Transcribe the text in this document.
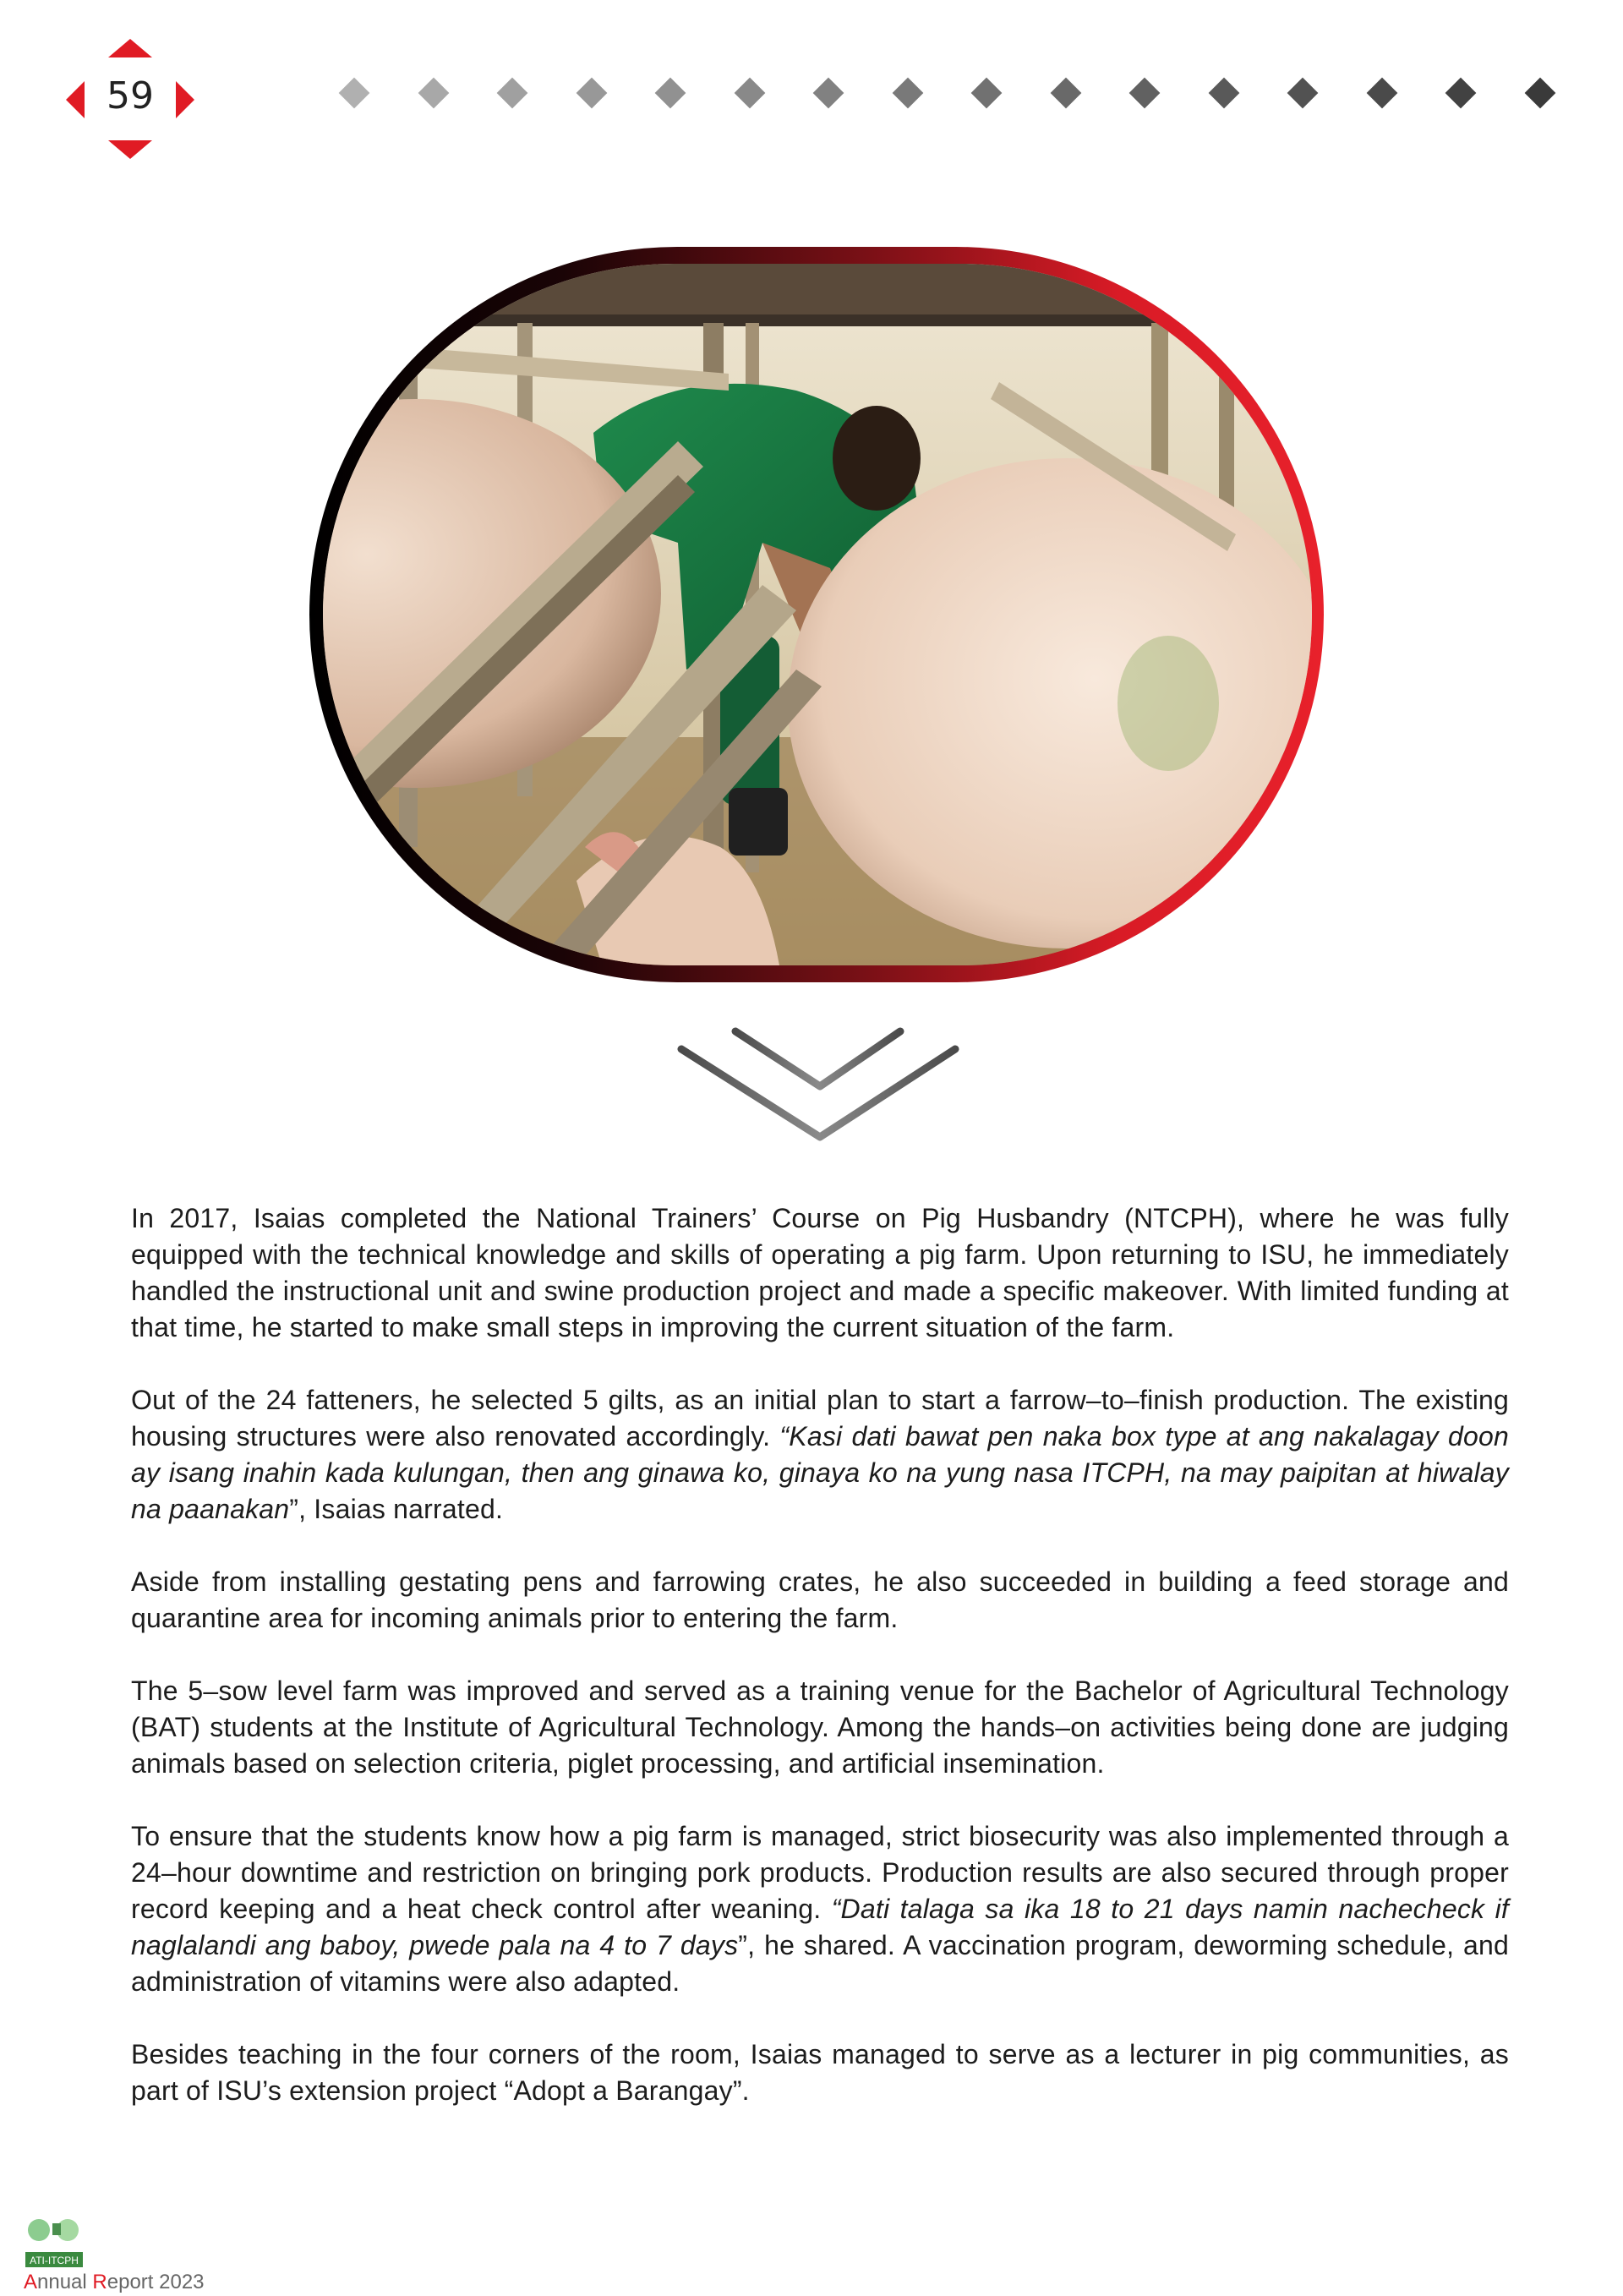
59

In 2017, Isaias completed the National Trainers’ Course on Pig Husbandry (NTCPH), where he was fully equipped with the technical knowledge and skills of operating a pig farm. Upon returning to ISU, he immediately handled the instructional unit and swine production project and made a specific makeover. With limited funding at that time, he started to make small steps in improving the current situation of the farm.

Out of the 24 fatteners, he selected 5 gilts, as an initial plan to start a farrow–to–finish production. The existing housing structures were also renovated accordingly. “Kasi dati bawat pen naka box type at ang nakalagay doon ay isang inahin kada kulungan, then ang ginawa ko, ginaya ko na yung nasa ITCPH, na may paipitan at hiwalay na paanakan”, Isaias narrated.

Aside from installing gestating pens and farrowing crates, he also succeeded in building a feed storage and quarantine area for incoming animals prior to entering the farm.

The 5–sow level farm was improved and served as a training venue for the Bachelor of Agricultural Technology (BAT) students at the Institute of Agricultural Technology. Among the hands–on activities being done are judging animals based on selection criteria, piglet processing, and artificial insemination.

To ensure that the students know how a pig farm is managed, strict biosecurity was also implemented through a 24–hour downtime and restriction on bringing pork products. Production results are also secured through proper record keeping and a heat check control after weaning. “Dati talaga sa ika 18 to 21 days namin nachecheck if naglalandi ang baboy, pwede pala na 4 to 7 days”, he shared. A vaccination program, deworming schedule, and administration of vitamins were also adapted.

Besides teaching in the four corners of the room, Isaias managed to serve as a lecturer in pig communities, as part of ISU’s extension project “Adopt a Barangay”.

ATI-ITCPH
Annual Report 2023
